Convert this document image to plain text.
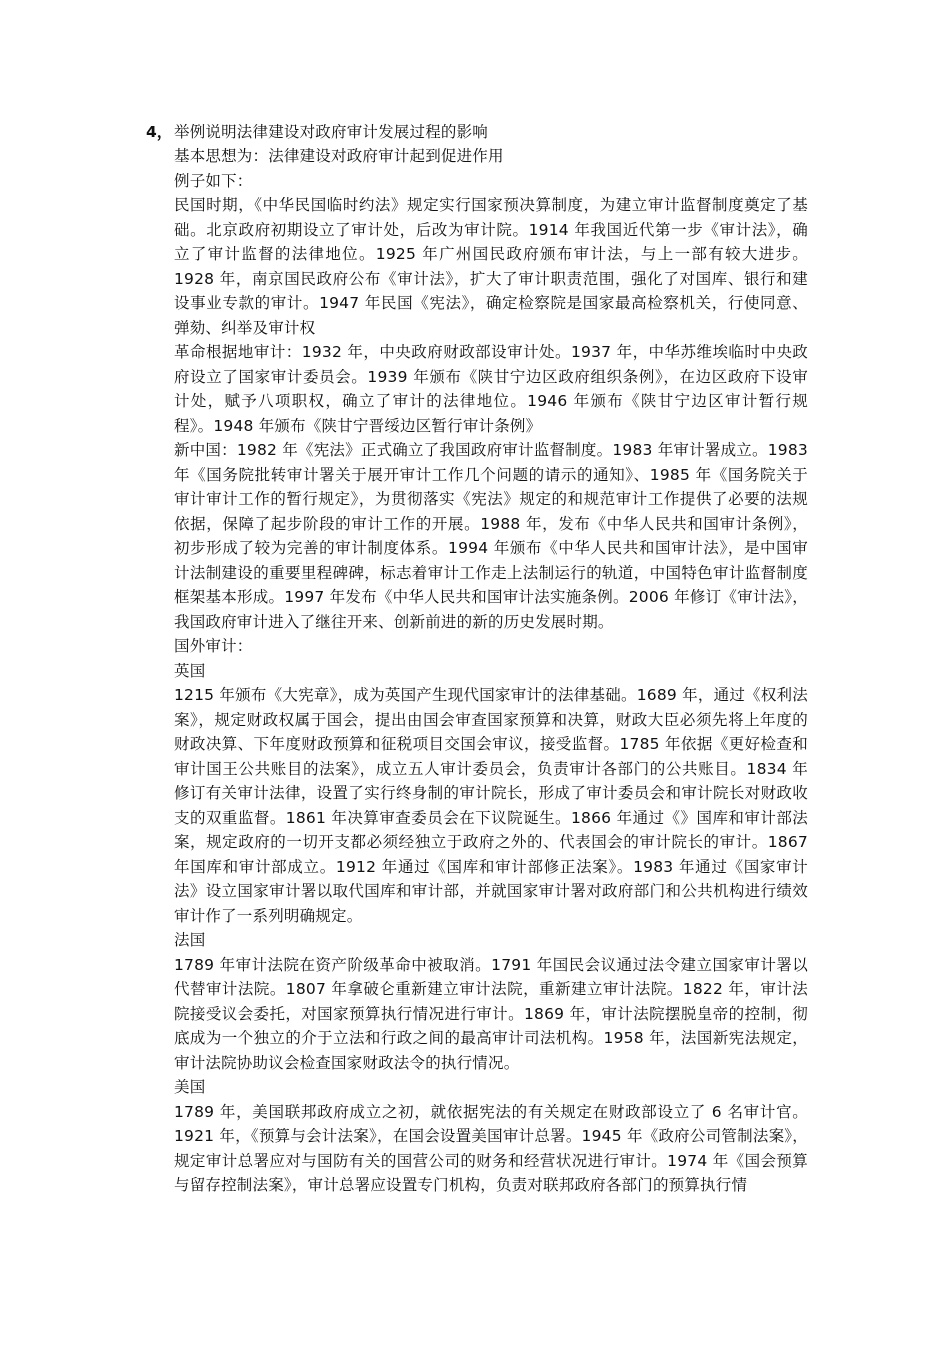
4， 举例说明法律建设对政府审计发展过程的影响

基本思想为：法律建设对政府审计起到促进作用

例子如下：

民国时期，《中华民国临时约法》规定实行国家预决算制度，为建立审计监督制度奠定了基础。北京政府初期设立了审计处，后改为审计院。1914 年我国近代第一步《审计法》，确立了审计监督的法律地位。1925 年广州国民政府颁布审计法，与上一部有较大进步。1928 年，南京国民政府公布《审计法》，扩大了审计职责范围，强化了对国库、银行和建设事业专款的审计。1947 年民国《宪法》，确定检察院是国家最高检察机关，行使同意、弹劾、纠举及审计权

革命根据地审计：1932 年，中央政府财政部设审计处。1937 年，中华苏维埃临时中央政府设立了国家审计委员会。1939 年颁布《陕甘宁边区政府组织条例》，在边区政府下设审计处，赋予八项职权，确立了审计的法律地位。1946 年颁布《陕甘宁边区审计暂行规程》。1948 年颁布《陕甘宁晋绥边区暂行审计条例》

新中国：1982 年《宪法》正式确立了我国政府审计监督制度。1983 年审计署成立。1983 年《国务院批转审计署关于展开审计工作几个问题的请示的通知》、1985 年《国务院关于审计审计工作的暂行规定》，为贯彻落实《宪法》规定的和规范审计工作提供了必要的法规依据，保障了起步阶段的审计工作的开展。1988 年，发布《中华人民共和国审计条例》，初步形成了较为完善的审计制度体系。1994 年颁布《中华人民共和国审计法》，是中国审计法制建设的重要里程碑碑，标志着审计工作走上法制运行的轨道，中国特色审计监督制度框架基本形成。1997 年发布《中华人民共和国审计法实施条例。2006 年修订《审计法》，我国政府审计进入了继往开来、创新前进的新的历史发展时期。

国外审计：

英国

1215 年颁布《大宪章》，成为英国产生现代国家审计的法律基础。1689 年，通过《权利法案》，规定财政权属于国会，提出由国会审查国家预算和决算，财政大臣必须先将上年度的财政决算、下年度财政预算和征税项目交国会审议，接受监督。1785 年依据《更好检查和审计国王公共账目的法案》，成立五人审计委员会，负责审计各部门的公共账目。1834 年修订有关审计法律，设置了实行终身制的审计院长，形成了审计委员会和审计院长对财政收支的双重监督。1861 年决算审查委员会在下议院诞生。1866 年通过《》国库和审计部法案，规定政府的一切开支都必须经独立于政府之外的、代表国会的审计院长的审计。1867 年国库和审计部成立。1912 年通过《国库和审计部修正法案》。1983 年通过《国家审计法》设立国家审计署以取代国库和审计部，并就国家审计署对政府部门和公共机构进行绩效审计作了一系列明确规定。

法国

1789 年审计法院在资产阶级革命中被取消。1791 年国民会议通过法令建立国家审计署以代替审计法院。1807 年拿破仑重新建立审计法院，重新建立审计法院。1822 年，审计法院接受议会委托，对国家预算执行情况进行审计。1869 年，审计法院摆脱皇帝的控制，彻底成为一个独立的介于立法和行政之间的最高审计司法机构。1958 年，法国新宪法规定，审计法院协助议会检查国家财政法令的执行情况。

美国

1789 年，美国联邦政府成立之初，就依据宪法的有关规定在财政部设立了 6 名审计官。1921 年，《预算与会计法案》，在国会设置美国审计总署。1945 年《政府公司管制法案》，规定审计总署应对与国防有关的国营公司的财务和经营状况进行审计。1974 年《国会预算与留存控制法案》，审计总署应设置专门机构，负责对联邦政府各部门的预算执行情
